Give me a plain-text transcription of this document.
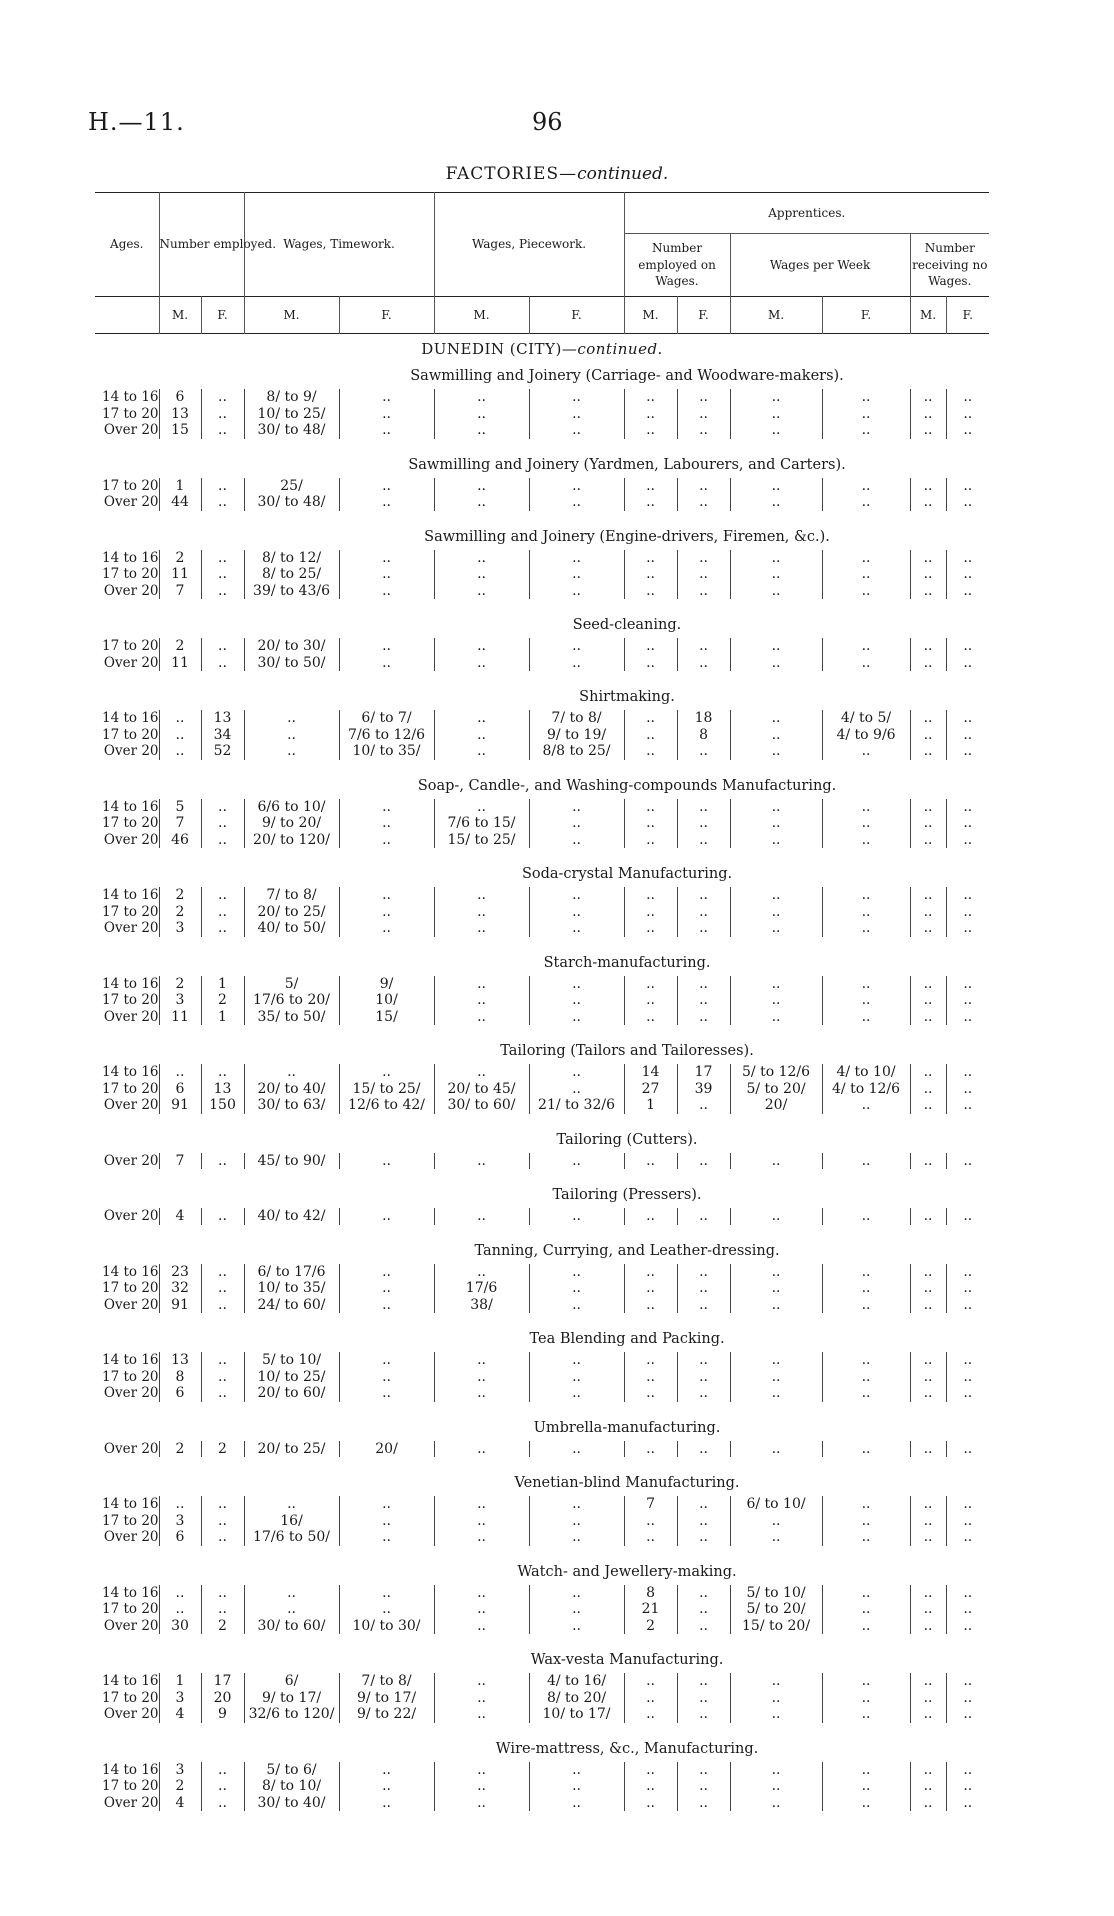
H.—11.	96
FACTORIES—continued.
Ages.	Number employed.		Wages, Timework.		Wages, Piecework.		Apprentices.					
							Number employed on Wages.		Wages per Week		Number receiving no Wages.	
	M.	F.	M.	F.	M.	F.	M.	F.	M.	F.	M.	F.
DUNEDIN (CITY)—continued.												
Sawmilling and Joinery (Carriage- and Woodware-makers).												
14 to 16	6	..	8/ to 9/	..	..	..	..	..	..	..	..	..
17 to 20	13	..	10/ to 25/	..	..	..	..	..	..	..	..	..
Over 20	15	..	30/ to 48/	..	..	..	..	..	..	..	..	..

Sawmilling and Joinery (Yardmen, Labourers, and Carters).												
17 to 20	1	..	25/	..	..	..	..	..	..	..	..	..
Over 20	44	..	30/ to 48/	..	..	..	..	..	..	..	..	..

Sawmilling and Joinery (Engine-drivers, Firemen, &c.).												
14 to 16	2	..	8/ to 12/	..	..	..	..	..	..	..	..	..
17 to 20	11	..	8/ to 25/	..	..	..	..	..	..	..	..	..
Over 20	7	..	39/ to 43/6	..	..	..	..	..	..	..	..	..

Seed-cleaning.												
17 to 20	2	..	20/ to 30/	..	..	..	..	..	..	..	..	..
Over 20	11	..	30/ to 50/	..	..	..	..	..	..	..	..	..

Shirtmaking.												
14 to 16	..	13	..	6/ to 7/	..	7/ to 8/	..	18	..	4/ to 5/	..	..
17 to 20	..	34	..	7/6 to 12/6	..	9/ to 19/	..	8	..	4/ to 9/6	..	..
Over 20	..	52	..	10/ to 35/	..	8/8 to 25/	..	..	..	..	..	..

Soap-, Candle-, and Washing-compounds Manufacturing.												
14 to 16	5	..	6/6 to 10/	..	..	..	..	..	..	..	..	..
17 to 20	7	..	9/ to 20/	..	7/6 to 15/	..	..	..	..	..	..	..
Over 20	46	..	20/ to 120/	..	15/ to 25/	..	..	..	..	..	..	..

Soda-crystal Manufacturing.												
14 to 16	2	..	7/ to 8/	..	..	..	..	..	..	..	..	..
17 to 20	2	..	20/ to 25/	..	..	..	..	..	..	..	..	..
Over 20	3	..	40/ to 50/	..	..	..	..	..	..	..	..	..

Starch-manufacturing.												
14 to 16	2	1	5/	9/	..	..	..	..	..	..	..	..
17 to 20	3	2	17/6 to 20/	10/	..	..	..	..	..	..	..	..
Over 20	11	1	35/ to 50/	15/	..	..	..	..	..	..	..	..

Tailoring (Tailors and Tailoresses).												
14 to 16	..	..	..	..	..	..	14	17	5/ to 12/6	4/ to 10/	..	..
17 to 20	6	13	20/ to 40/	15/ to 25/	20/ to 45/	..	27	39	5/ to 20/	4/ to 12/6	..	..
Over 20	91	150	30/ to 63/	12/6 to 42/	30/ to 60/	21/ to 32/6	1	..	20/	..	..	..

Tailoring (Cutters).												
Over 20	7	..	45/ to 90/	..	..	..	..	..	..	..	..	..

Tailoring (Pressers).												
Over 20	4	..	40/ to 42/	..	..	..	..	..	..	..	..	..

Tanning, Currying, and Leather-dressing.												
14 to 16	23	..	6/ to 17/6	..	..	..	..	..	..	..	..	..
17 to 20	32	..	10/ to 35/	..	17/6	..	..	..	..	..	..	..
Over 20	91	..	24/ to 60/	..	38/	..	..	..	..	..	..	..

Tea Blending and Packing.												
14 to 16	13	..	5/ to 10/	..	..	..	..	..	..	..	..	..
17 to 20	8	..	10/ to 25/	..	..	..	..	..	..	..	..	..
Over 20	6	..	20/ to 60/	..	..	..	..	..	..	..	..	..

Umbrella-manufacturing.												
Over 20	2	2	20/ to 25/	20/	..	..	..	..	..	..	..	..

Venetian-blind Manufacturing.												
14 to 16	..	..	..	..	..	..	7	..	6/ to 10/	..	..	..
17 to 20	3	..	16/	..	..	..	..	..	..	..	..	..
Over 20	6	..	17/6 to 50/	..	..	..	..	..	..	..	..	..

Watch- and Jewellery-making.												
14 to 16	..	..	..	..	..	..	8	..	5/ to 10/	..	..	..
17 to 20	..	..	..	..	..	..	21	..	5/ to 20/	..	..	..
Over 20	30	2	30/ to 60/	10/ to 30/	..	..	2	..	15/ to 20/	..	..	..

Wax-vesta Manufacturing.												
14 to 16	1	17	6/	7/ to 8/	..	4/ to 16/	..	..	..	..	..	..
17 to 20	3	20	9/ to 17/	9/ to 17/	..	8/ to 20/	..	..	..	..	..	..
Over 20	4	9	32/6 to 120/	9/ to 22/	..	10/ to 17/	..	..	..	..	..	..

Wire-mattress, &c., Manufacturing.												
14 to 16	3	..	5/ to 6/	..	..	..	..	..	..	..	..	..
17 to 20	2	..	8/ to 10/	..	..	..	..	..	..	..	..	..
Over 20	4	..	30/ to 40/	..	..	..	..	..	..	..	..	..
